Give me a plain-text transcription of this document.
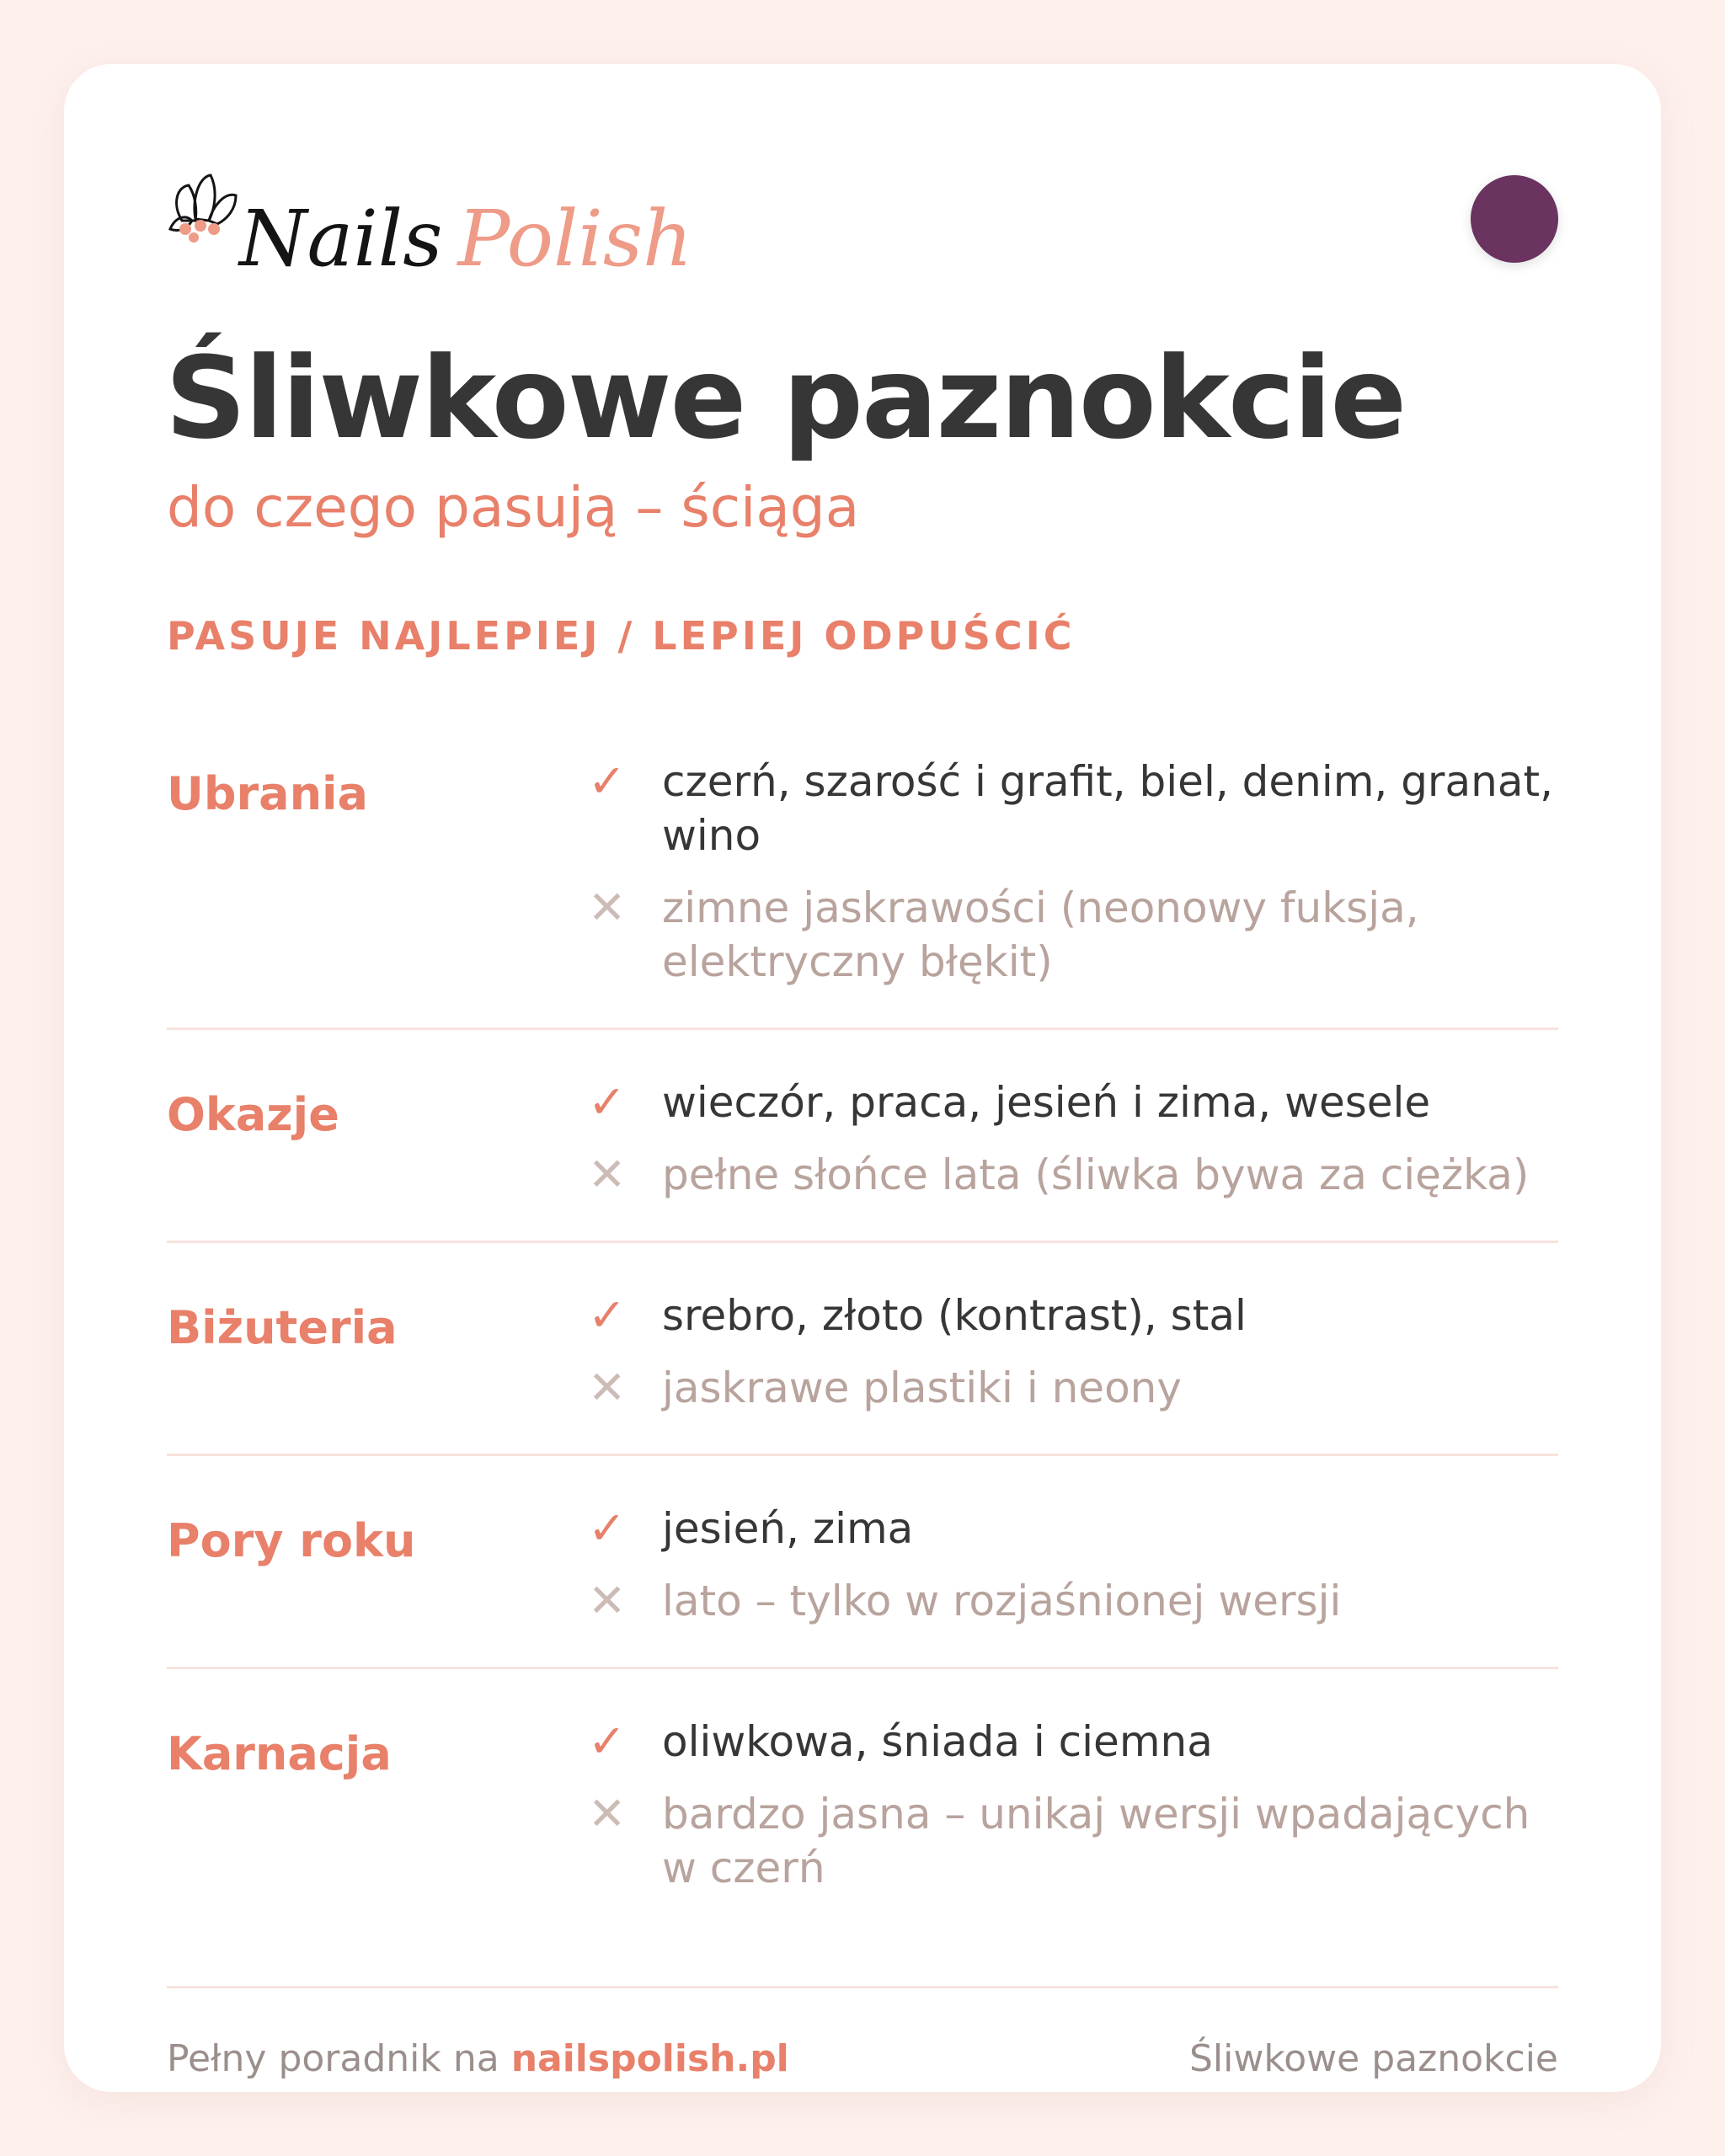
Nails Polish
Śliwkowe paznokcie
do czego pasują – ściąga
PASUJE NAJLEPIEJ / LEPIEJ ODPUŚCIĆ
Ubrania	✓ czerń, szarość i grafit, biel, denim, granat, wino
✕ zimne jaskrawości (neonowy fuksja, elektryczny błękit)
Okazje	✓ wieczór, praca, jesień i zima, wesele
✕ pełne słońce lata (śliwka bywa za ciężka)
Biżuteria	✓ srebro, złoto (kontrast), stal
✕ jaskrawe plastiki i neony
Pory roku	✓ jesień, zima
✕ lato – tylko w rozjaśnionej wersji
Karnacja	✓ oliwkowa, śniada i ciemna
✕ bardzo jasna – unikaj wersji wpadających w czerń
Pełny poradnik na nailspolish.pl	Śliwkowe paznokcie
